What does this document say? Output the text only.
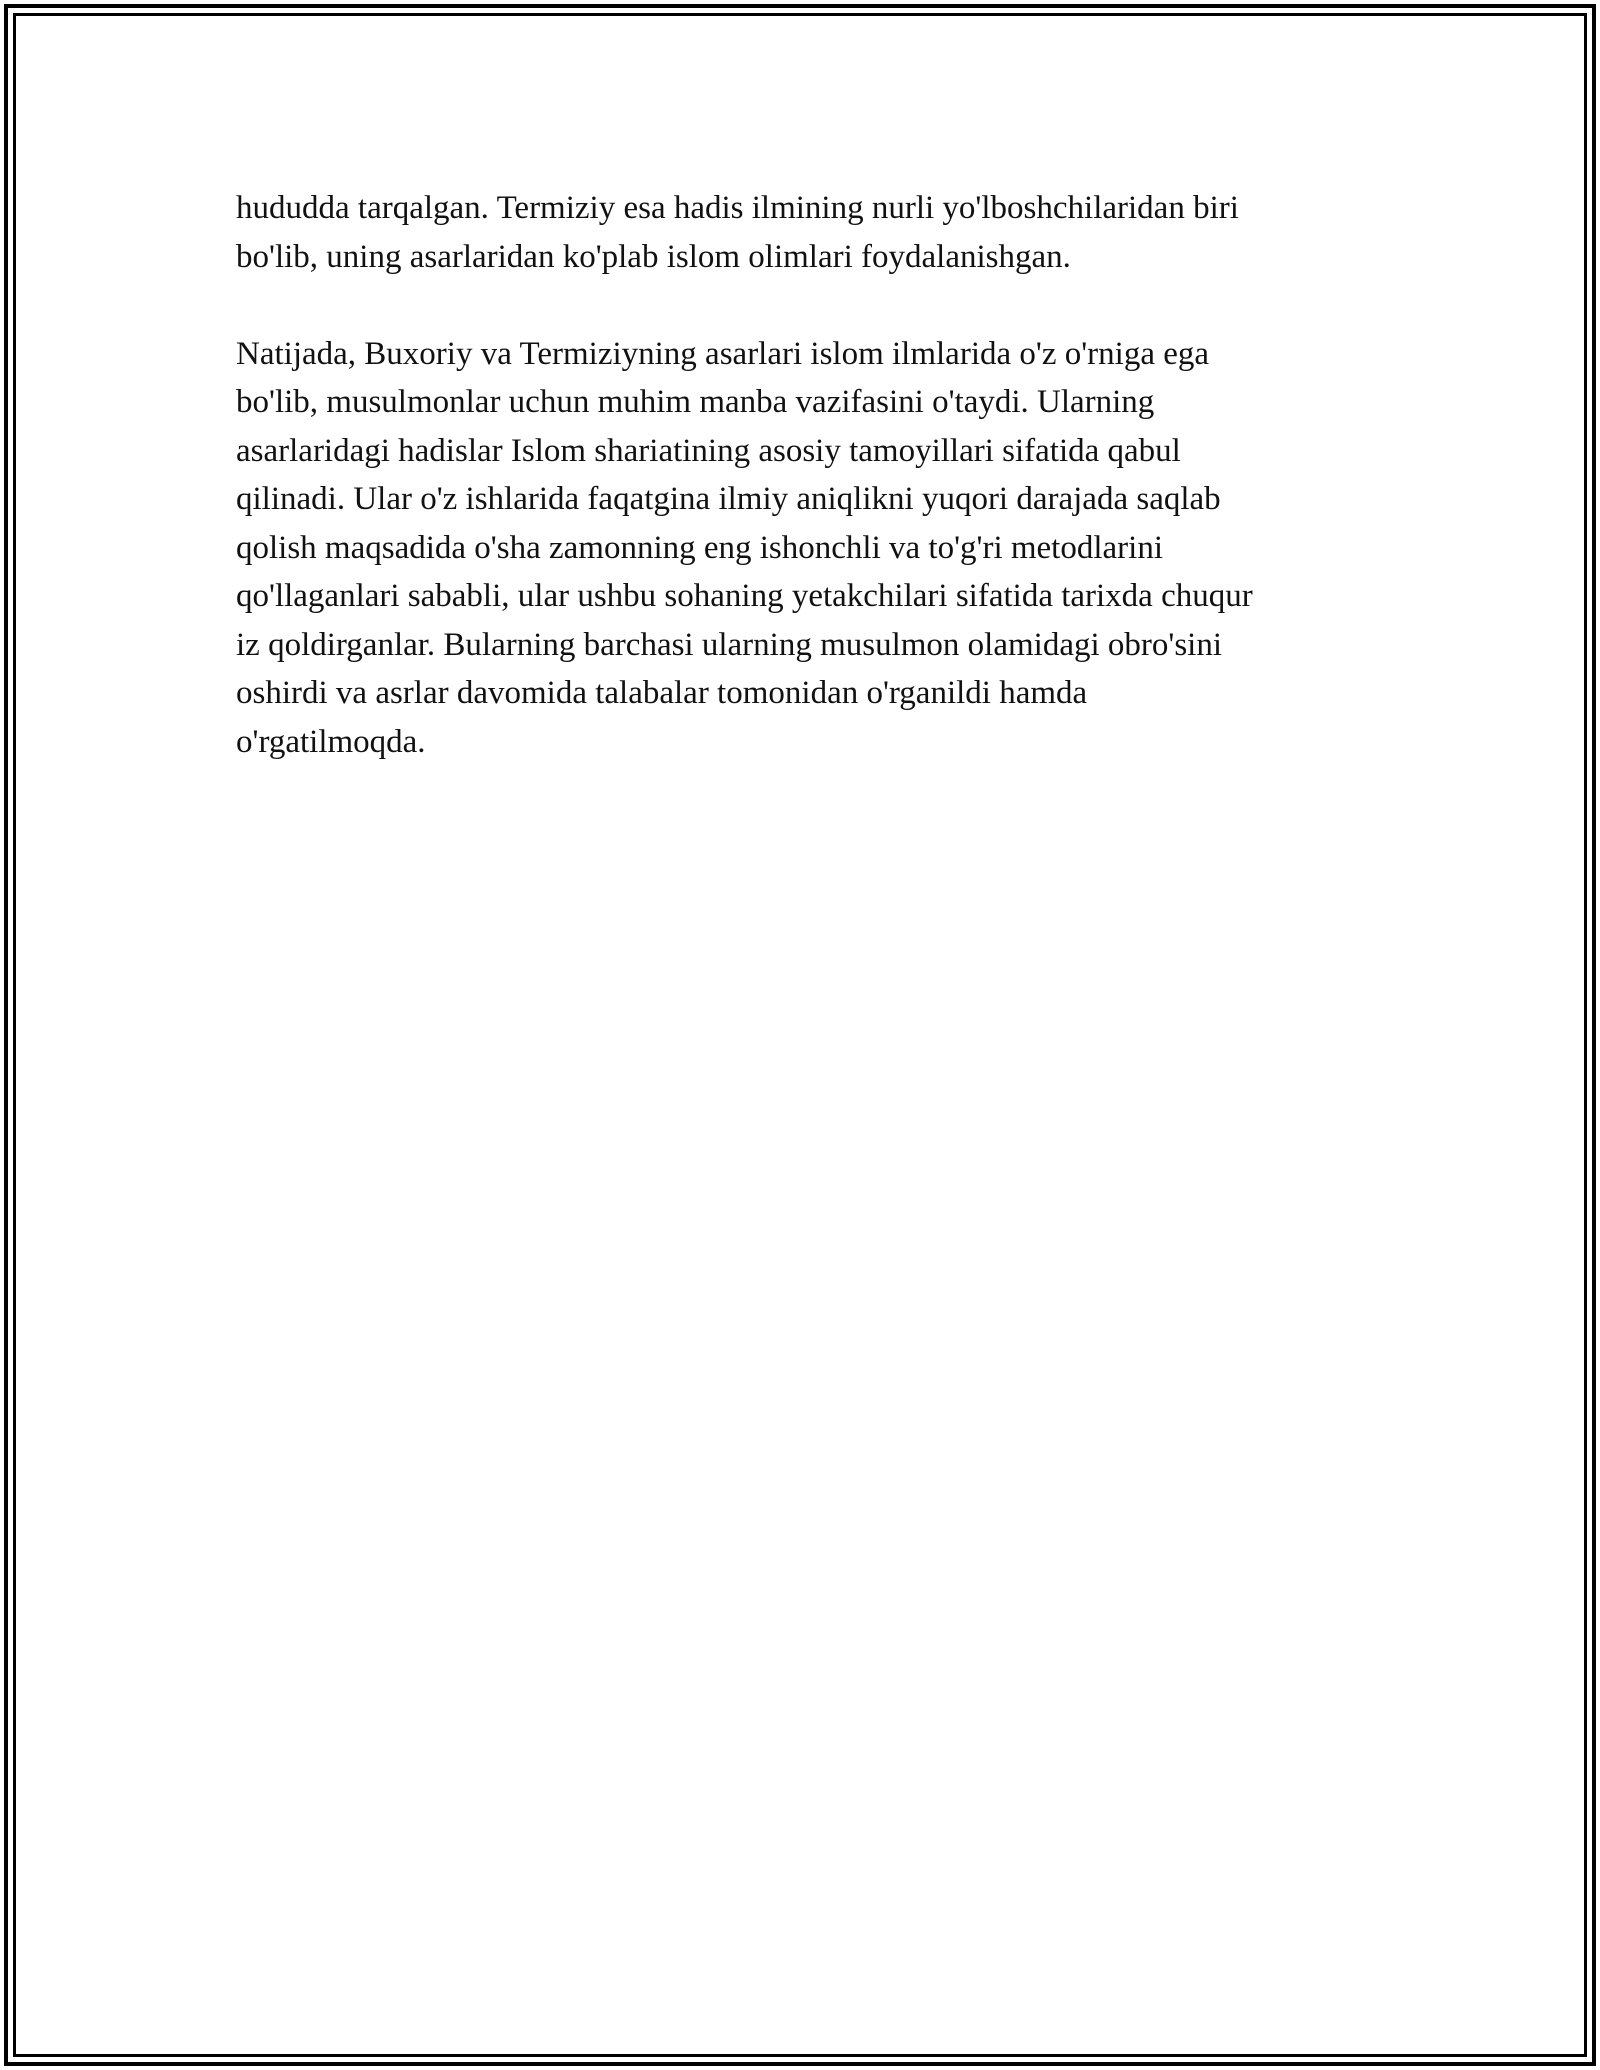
hududda tarqalgan. Termiziy esa hadis ilmining nurli yo'lboshchilaridan biri
bo'lib, uning asarlaridan ko'plab islom olimlari foydalanishgan.

Natijada, Buxoriy va Termiziyning asarlari islom ilmlarida o'z o'rniga ega
bo'lib, musulmonlar uchun muhim manba vazifasini o'taydi. Ularning
asarlaridagi hadislar Islom shariatining asosiy tamoyillari sifatida qabul
qilinadi. Ular o'z ishlarida faqatgina ilmiy aniqlikni yuqori darajada saqlab
qolish maqsadida o'sha zamonning eng ishonchli va to'g'ri metodlarini
qo'llaganlari sababli, ular ushbu sohaning yetakchilari sifatida tarixda chuqur
iz qoldirganlar. Bularning barchasi ularning musulmon olamidagi obro'sini
oshirdi va asrlar davomida talabalar tomonidan o'rganildi hamda
o'rgatilmoqda.
